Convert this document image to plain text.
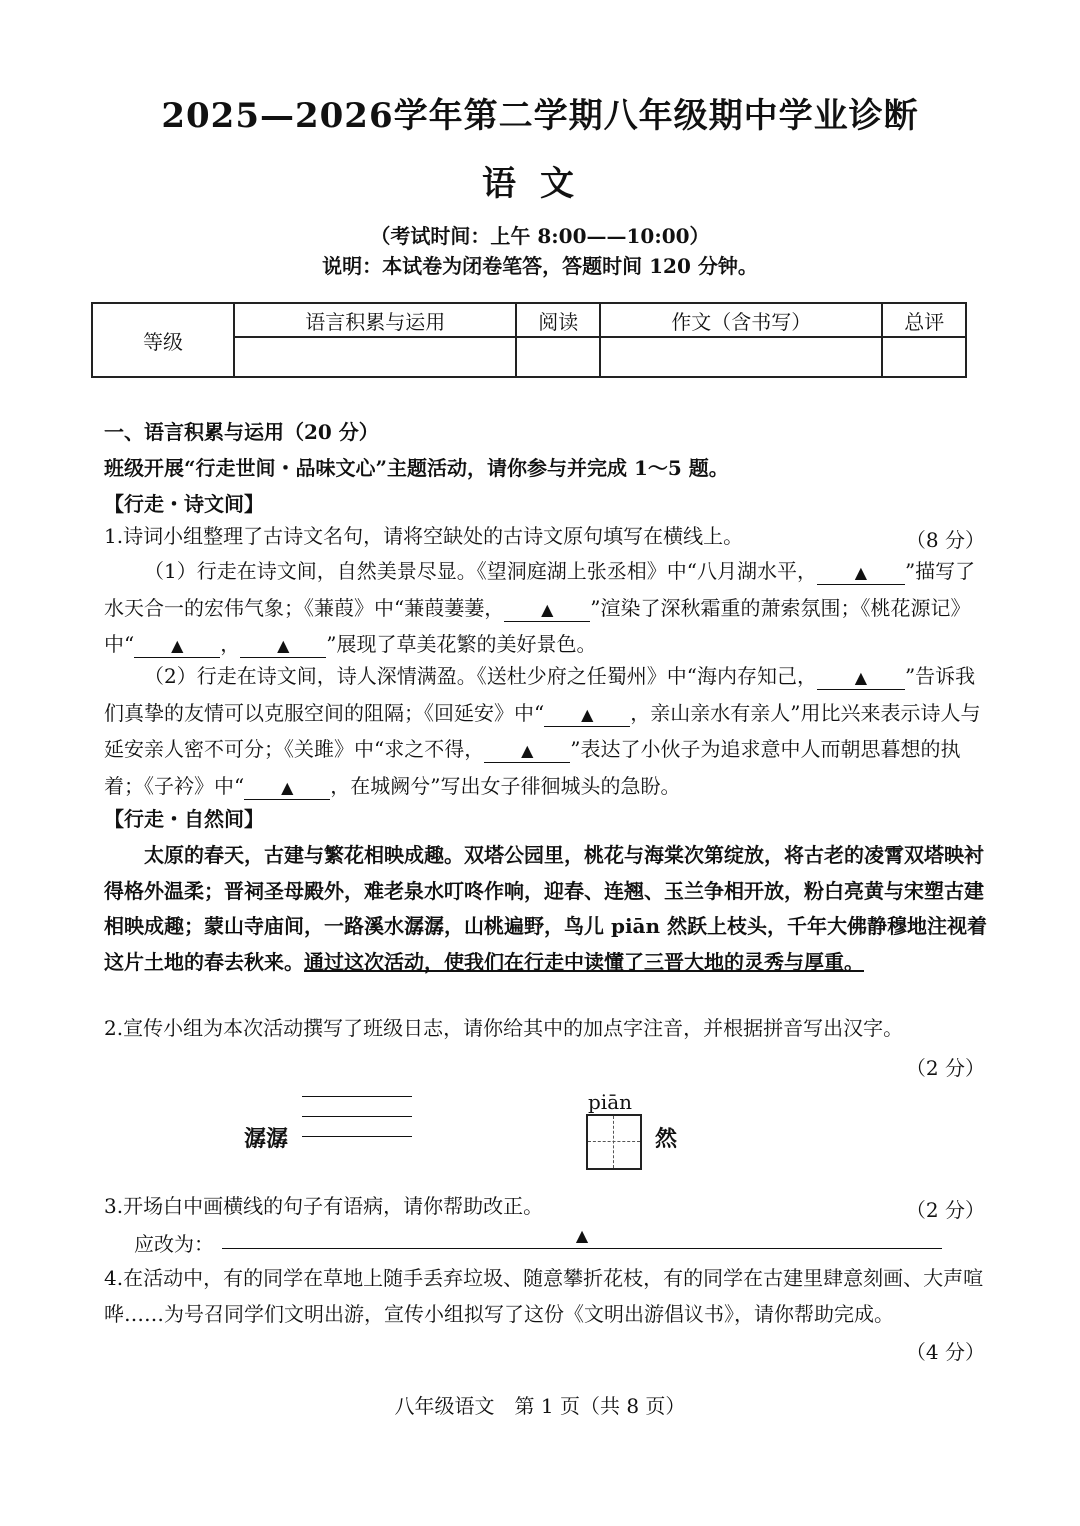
2025—2026学年第二学期八年级期中学业诊断
语文
（考试时间：上午 8:00——10:00）
说明：本试卷为闭卷笔答，答题时间 120 分钟。
等级	语言积累与运用	阅读	作文（含书写）	总评

一、语言积累与运用（20 分）
班级开展“行走世间・品味文心”主题活动，请你参与并完成 1～5 题。
【行走・诗文间】
1.诗词小组整理了古诗文名句，请将空缺处的古诗文原句填写在横线上。	（8 分）
（1）行走在诗文间，自然美景尽显。《望洞庭湖上张丞相》中“八月湖水平， ▲ ”描写了水天合一的宏伟气象；《蒹葭》中“蒹葭萋萋， ▲ ”渲染了深秋霜重的萧索氛围；《桃花源记》中“ ▲ ， ▲ ”展现了草美花繁的美好景色。
（2）行走在诗文间，诗人深情满盈。《送杜少府之任蜀州》中“海内存知己， ▲ ”告诉我们真挚的友情可以克服空间的阻隔；《回延安》中“ ▲ ，亲山亲水有亲人”用比兴来表示诗人与延安亲人密不可分；《关雎》中“求之不得， ▲ ”表达了小伙子为追求意中人而朝思暮想的执着；《子衿》中“ ▲ ，在城阙兮”写出女子徘徊城头的急盼。
【行走・自然间】
太原的春天，古建与繁花相映成趣。双塔公园里，桃花与海棠次第绽放，将古老的凌霄双塔映衬得格外温柔；晋祠圣母殿外，难老泉水叮咚作响，迎春、连翘、玉兰争相开放，粉白亮黄与宋塑古建相映成趣；蒙山寺庙间，一路溪水潺潺，山桃遍野，鸟儿 piān 然跃上枝头，千年大佛静穆地注视着这片土地的春去秋来。通过这次活动，使我们在行走中读懂了三晋大地的灵秀与厚重。
2.宣传小组为本次活动撰写了班级日志，请你给其中的加点字注音，并根据拼音写出汉字。
（2 分）
潺潺
piān
然
3.开场白中画横线的句子有语病，请你帮助改正。	（2 分）
应改为：	▲
4.在活动中，有的同学在草地上随手丢弃垃圾、随意攀折花枝，有的同学在古建里肆意刻画、大声喧哗……为号召同学们文明出游，宣传小组拟写了这份《文明出游倡议书》，请你帮助完成。
（4 分）
八年级语文　第 1 页（共 8 页）
